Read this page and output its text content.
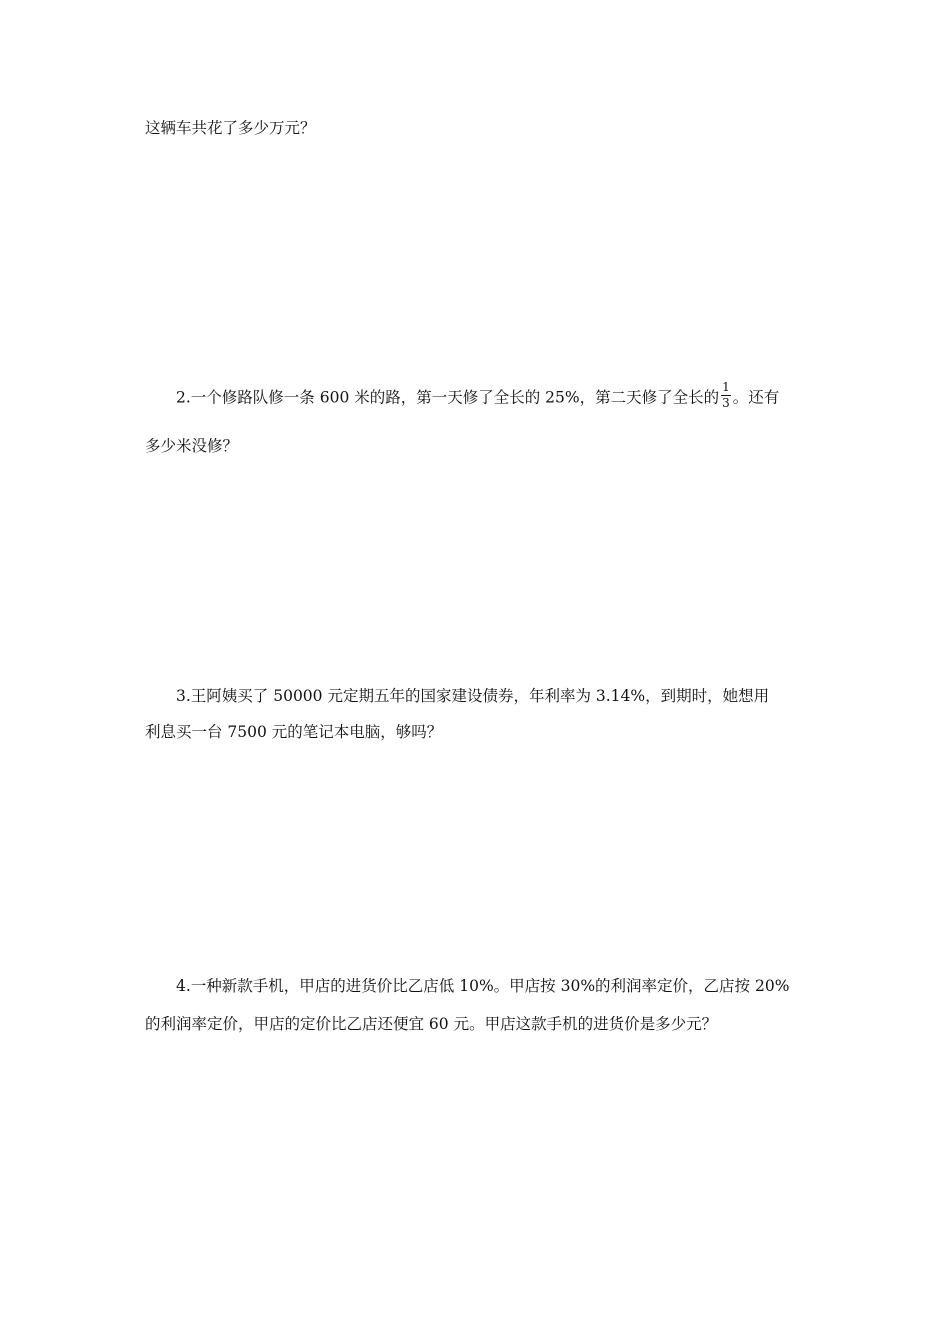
这辆车共花了多少万元？
2.一个修路队修一条 600 米的路，第一天修了全长的 25%，第二天修了全长的 $\frac{1}{3}$ 。还有
多少米没修？
3.王阿姨买了 50000 元定期五年的国家建设债券，年利率为 3.14%，到期时，她想用
利息买一台 7500 元的笔记本电脑，够吗？
4.一种新款手机，甲店的进货价比乙店低 10%。甲店按 30%的利润率定价，乙店按 20%
的利润率定价，甲店的定价比乙店还便宜 60 元。甲店这款手机的进货价是多少元？
